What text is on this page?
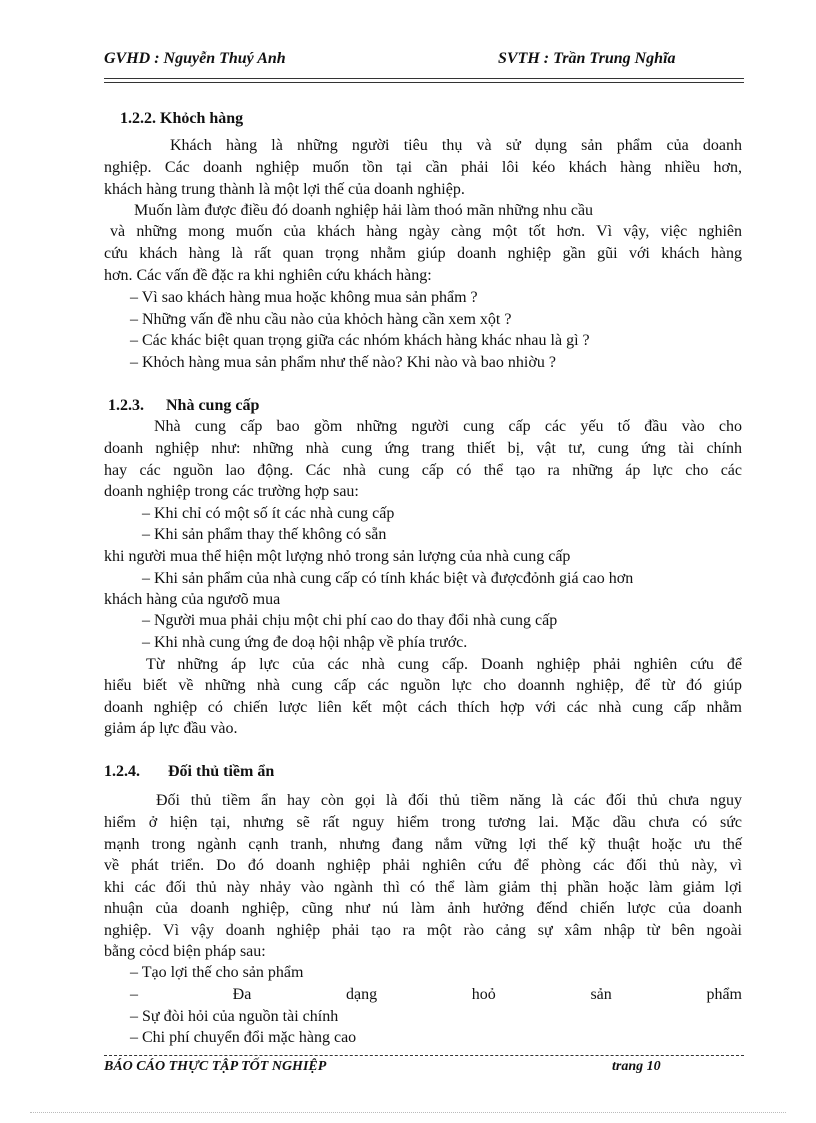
GVHD : Nguyễn Thuý Anh	SVTH : Trần Trung Nghĩa
1.2.2. Khỏch hàng
Khách hàng là những người tiêu thụ và sử dụng sản phẩm của doanh
nghiệp. Các doanh nghiệp muốn tồn tại cần phải lôi kéo khách hàng nhiều hơn,
khách hàng trung thành là một lợi thế của doanh nghiệp.
Muốn làm được điều đó doanh nghiệp hải làm thoó mãn những nhu cầu
và những mong muốn của khách hàng ngày càng một tốt hơn. Vì vậy, việc nghiên
cứu khách hàng là rất quan trọng nhằm giúp doanh nghiệp gần gũi với khách hàng
hơn. Các vấn đề đặc ra khi nghiên cứu khách hàng:
– Vì sao khách hàng mua hoặc không mua sản phẩm ?
– Những vấn đề nhu cầu nào của khỏch hàng cần xem xột ?
– Các khác biệt quan trọng giữa các nhóm khách hàng khác nhau là gì ?
– Khỏch hàng mua sản phẩm như thế nào? Khi nào và bao nhiờu ?
1.2.3. Nhà cung cấp
Nhà cung cấp bao gồm những người cung cấp các yếu tố đầu vào cho
doanh nghiệp như: những nhà cung ứng trang thiết bị, vật tư, cung ứng tài chính
hay các nguồn lao động. Các nhà cung cấp có thể tạo ra những áp lực cho các
doanh nghiệp trong các trường hợp sau:
– Khi chỉ có một số ít các nhà cung cấp
– Khi sản phẩm thay thế không có sẵn
khi người mua thể hiện một lượng nhỏ trong sản lượng của nhà cung cấp
– Khi sản phẩm của nhà cung cấp có tính khác biệt và đượcđỏnh giá cao hơn
khách hàng của ngươõ mua
– Người mua phải chịu một chi phí cao do thay đổi nhà cung cấp
– Khi nhà cung ứng đe doạ hội nhập về phía trước.
Từ những áp lực của các nhà cung cấp. Doanh nghiệp phải nghiên cứu để
hiểu biết về những nhà cung cấp các nguồn lực cho doannh nghiệp, để từ đó giúp
doanh nghiệp có chiến lược liên kết một cách thích hợp với các nhà cung cấp nhằm
giảm áp lực đầu vào.
1.2.4. Đối thủ tiềm ẩn
Đối thủ tiềm ẩn hay còn gọi là đối thủ tiềm năng là các đối thủ chưa nguy
hiểm ở hiện tại, nhưng sẽ rất nguy hiểm trong tương lai. Mặc dầu chưa có sức
mạnh trong ngành cạnh tranh, nhưng đang nắm vững lợi thế kỹ thuật hoặc ưu thế
về phát triển. Do đó doanh nghiệp phải nghiên cứu để phòng các đối thủ này, vì
khi các đối thủ này nhảy vào ngành thì có thể làm giảm thị phần hoặc làm giảm lợi
nhuận của doanh nghiệp, cũng như nú làm ảnh hưởng đếnd chiến lược của doanh
nghiệp. Vì vậy doanh nghiệp phải tạo ra một rào cảng sự xâm nhập từ bên ngoài
bằng cỏcd biện pháp sau:
– Tạo lợi thế cho sản phẩm
– Đa dạng hoỏ sản phẩm
– Sự đòi hỏi của nguồn tài chính
– Chi phí chuyển đổi mặc hàng cao
BÁO CÁO THỰC TẬP TỐT NGHIỆP	trang 10
